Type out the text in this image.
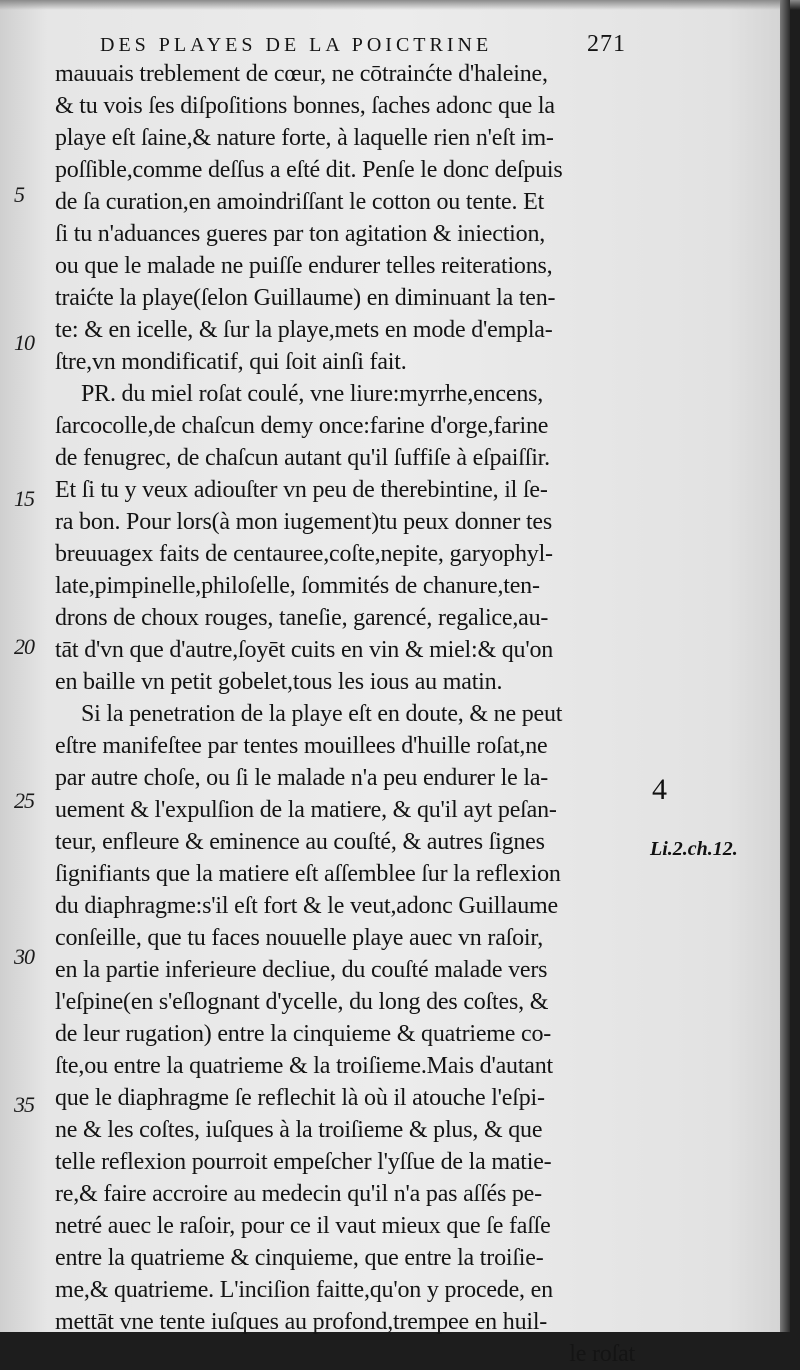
DES PLAYES DE LA POICTRINE	271
mauuais treblement de cœur, ne cōtrainćte d'haleine,
& tu vois ſes diſpoſitions bonnes, ſaches adonc que la
playe eſt ſaine,& nature forte, à laquelle rien n'eſt im-
poſſible,comme deſſus a eſté dit. Penſe le donc deſpuis
de ſa curation,en amoindriſſant le cotton ou tente. Et
ſi tu n'aduances gueres par ton agitation & iniection,
ou que le malade ne puiſſe endurer telles reiterations,
traićte la playe(ſelon Guillaume) en diminuant la ten-
te: & en icelle, & ſur la playe,mets en mode d'empla-
ſtre,vn mondificatif, qui ſoit ainſi fait.
PR. du miel roſat coulé, vne liure:myrrhe,encens,
ſarcocolle,de chaſcun demy once:farine d'orge,farine
de fenugrec, de chaſcun autant qu'il ſuffiſe à eſpaiſſir.
Et ſi tu y veux adiouſter vn peu de therebintine, il ſe-
ra bon. Pour lors(à mon iugement)tu peux donner tes
breuuagex faits de centauree,coſte,nepite, garyophyl-
late,pimpinelle,philoſelle, ſommités de chanure,ten-
drons de choux rouges, taneſie, garencé, regalice,au-
tāt d'vn que d'autre,ſoyēt cuits en vin & miel:& qu'on
en baille vn petit gobelet,tous les ious au matin.
Si la penetration de la playe eſt en doute, & ne peut
eſtre manifeſtee par tentes mouillees d'huille roſat,ne
par autre choſe, ou ſi le malade n'a peu endurer le la-
uement & l'expulſion de la matiere, & qu'il ayt peſan-
teur, enfleure & eminence au couſté, & autres ſignes
ſignifiants que la matiere eſt aſſemblee ſur la reflexion
du diaphragme:s'il eſt fort & le veut,adonc Guillaume
conſeille, que tu faces nouuelle playe auec vn raſoir,
en la partie inferieure decliue, du couſté malade vers
l'eſpine(en s'eſlognant d'ycelle, du long des coſtes, &
de leur rugation) entre la cinquieme & quatrieme co-
ſte,ou entre la quatrieme & la troiſieme.Mais d'autant
que le diaphragme ſe reflechit là où il atouche l'eſpi-
ne & les coſtes, iuſques à la troiſieme & plus, & que
telle reflexion pourroit empeſcher l'yſſue de la matie-
re,& faire accroire au medecin qu'il n'a pas aſſés pe-
netré auec le raſoir, pour ce il vaut mieux que ſe faſſe
entre la quatrieme & cinquieme, que entre la troiſie-
me,& quatrieme. L'inciſion faitte,qu'on y procede, en
mettāt vne tente iuſques au profond,trempee en huil-
le roſat
5
10
15
20
25
30
35
4
Li.2.ch.12.
